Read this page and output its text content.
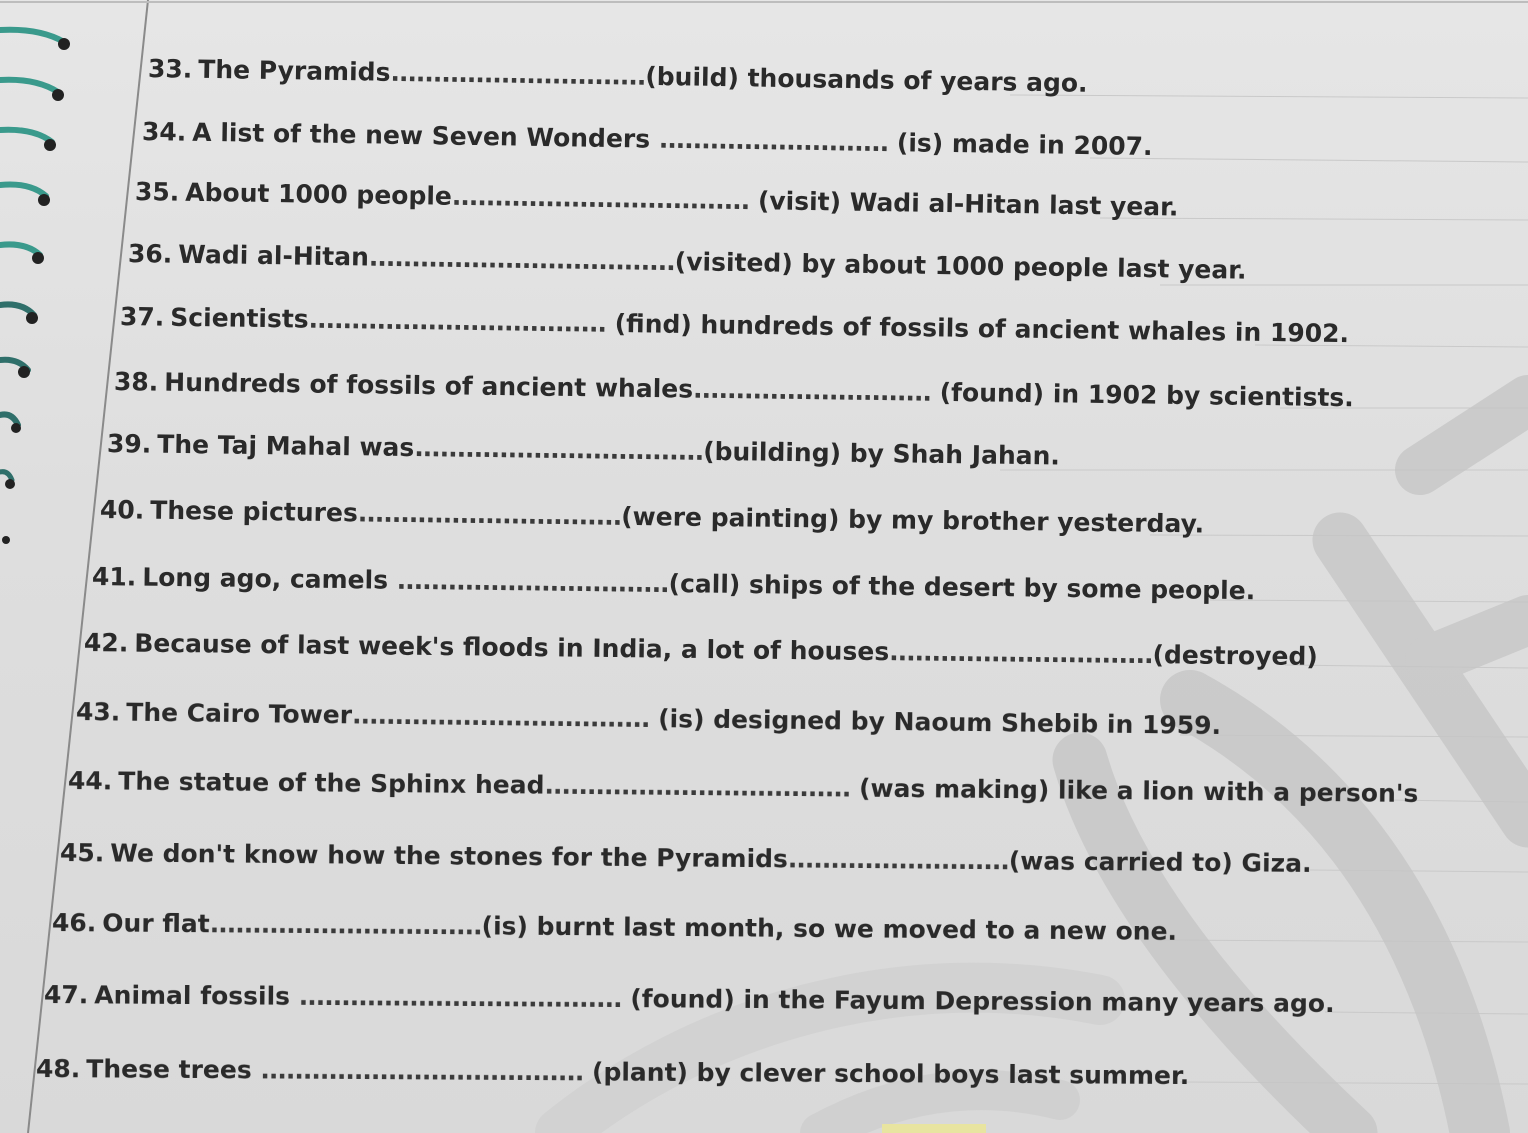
33. The Pyramids..............................(build) thousands of years ago.
34. A list of the new Seven Wonders ........................... (is) made in 2007.
35. About 1000 people................................... (visit) Wadi al-Hitan last year.
36. Wadi al-Hitan....................................(visited) by about 1000 people last year.
37. Scientists................................... (find) hundreds of fossils of ancient whales in 1902.
38. Hundreds of fossils of ancient whales............................ (found) in 1902 by scientists.
39. The Taj Mahal was..................................(building) by Shah Jahan.
40. These pictures...............................(were painting) by my brother yesterday.
41. Long ago, camels ................................(call) ships of the desert by some people.
42. Because of last week's floods in India, a lot of houses...............................(destroyed)
43. The Cairo Tower................................... (is) designed by Naoum Shebib in 1959.
44. The statue of the Sphinx head.................................... (was making) like a lion with a person's
45. We don't know how the stones for the Pyramids..........................(was carried to) Giza.
46. Our flat................................(is) burnt last month, so we moved to a new one.
47. Animal fossils ...................................... (found) in the Fayum Depression many years ago.
48. These trees ...................................... (plant) by clever school boys last summer.
